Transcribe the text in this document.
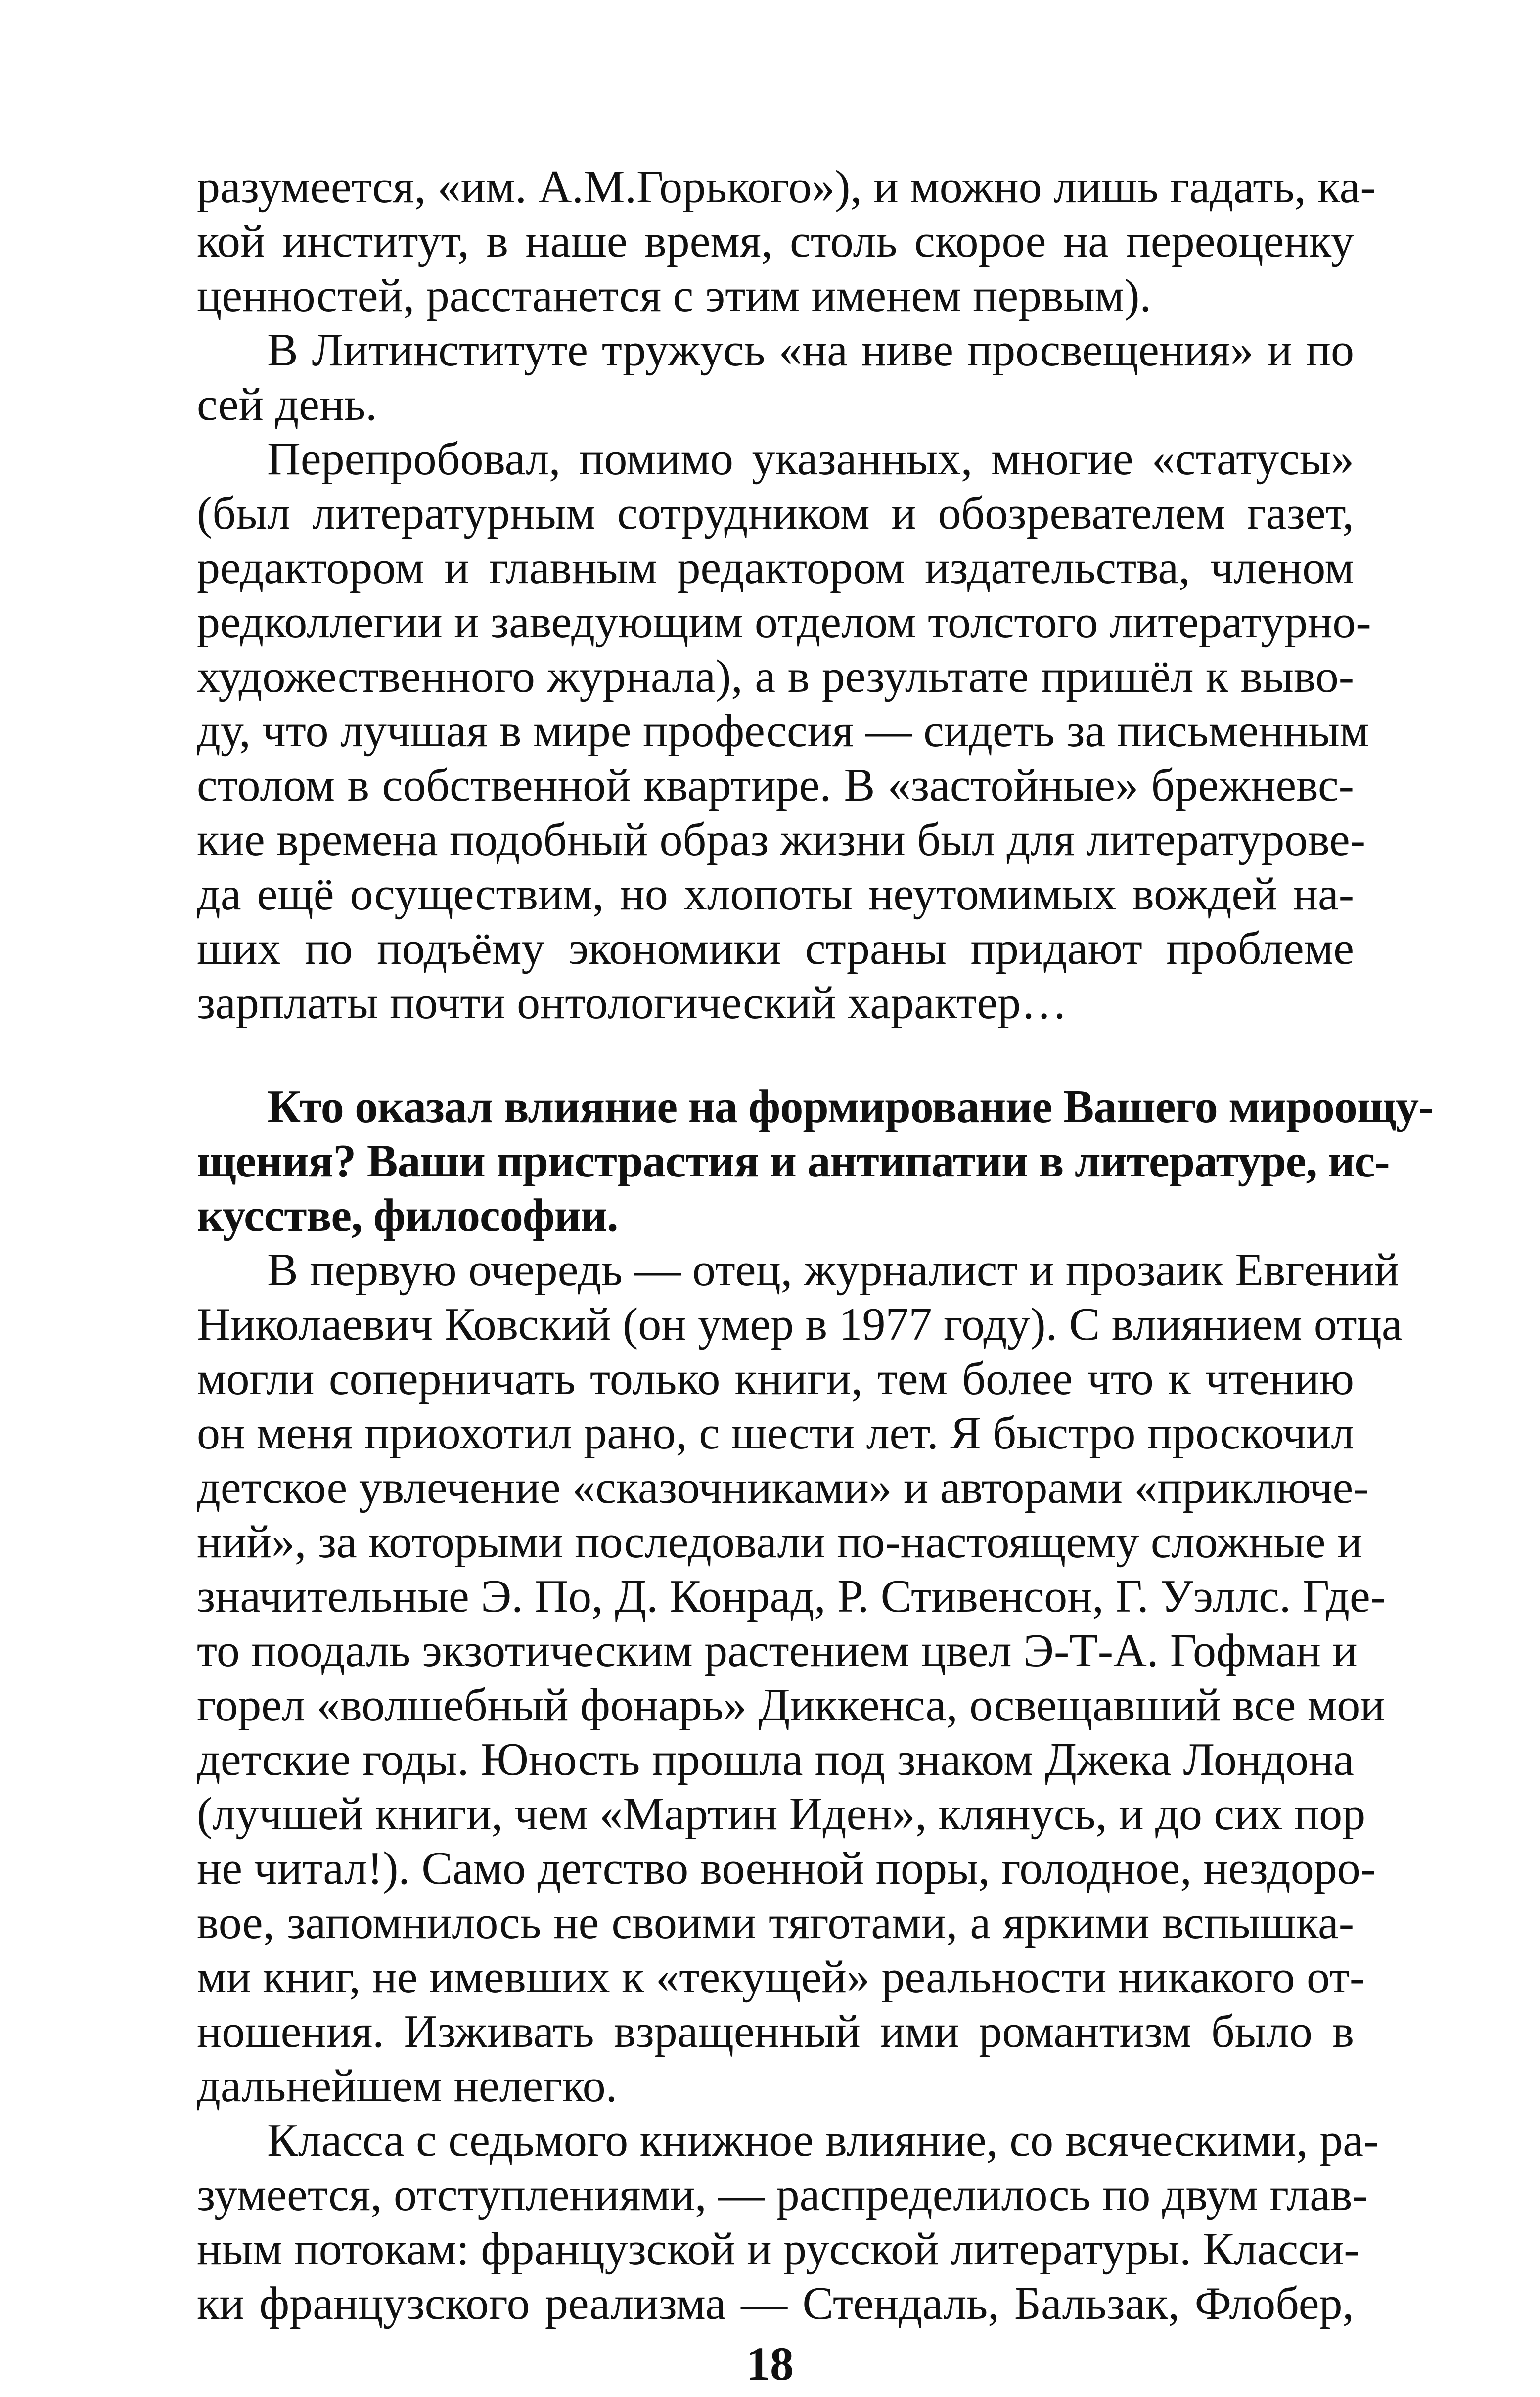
разумеется, «им. А.М.Горького»), и можно лишь гадать, ка-
кой институт, в наше время, столь скорое на переоценку
ценностей, расстанется с этим именем первым).
В Литинституте тружусь «на ниве просвещения» и по
сей день.
Перепробовал, помимо указанных, многие «статусы»
(был литературным сотрудником и обозревателем газет,
редактором и главным редактором издательства, членом
редколлегии и заведующим отделом толстого литературно-
художественного журнала), а в результате пришёл к выво-
ду, что лучшая в мире профессия — сидеть за письменным
столом в собственной квартире. В «застойные» брежневс-
кие времена подобный образ жизни был для литературове-
да ещё осуществим, но хлопоты неутомимых вождей на-
ших по подъёму экономики страны придают проблеме
зарплаты почти онтологический характер…
Кто оказал влияние на формирование Вашего мироощу-
щения? Ваши пристрастия и антипатии в литературе, ис-
кусстве, философии.
В первую очередь — отец, журналист и прозаик Евгений
Николаевич Ковский (он умер в 1977 году). С влиянием отца
могли соперничать только книги, тем более что к чтению
он меня приохотил рано, с шести лет. Я быстро проскочил
детское увлечение «сказочниками» и авторами «приключе-
ний», за которыми последовали по-настоящему сложные и
значительные Э. По, Д. Конрад, Р. Стивенсон, Г. Уэллс. Где-
то поодаль экзотическим растением цвел Э-Т-А. Гофман и
горел «волшебный фонарь» Диккенса, освещавший все мои
детские годы. Юность прошла под знаком Джека Лондона
(лучшей книги, чем «Мартин Иден», клянусь, и до сих пор
не читал!). Само детство военной поры, голодное, нездоро-
вое, запомнилось не своими тяготами, а яркими вспышка-
ми книг, не имевших к «текущей» реальности никакого от-
ношения. Изживать взращенный ими романтизм было в
дальнейшем нелегко.
Класса с седьмого книжное влияние, со всяческими, ра-
зумеется, отступлениями, — распределилось по двум глав-
ным потокам: французской и русской литературы. Класси-
ки французского реализма — Стендаль, Бальзак, Флобер,
18
